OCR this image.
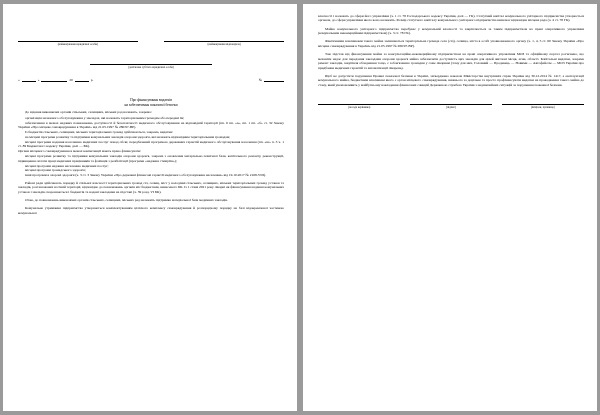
(найменування юридичної особи)	(найменування відповідача)
(далі/назва суб'єкта юридичної особи)
«	»	20	р.	№
Про фінансування видатків
на забезпечення показової безпеки

До відання виконавчих органів сільських, селищних, міських рад належать, зокрема:

організація належного обслуговування у закладах, які належать територіальним громадам або передані їм;

забезпечення в межах наданих повноважень доступності й безоплатності медичного обслуговування на відповідній території (пп. 6 пп. «а», пп. 1 пп. «б» ст. 32 Закону України «Про місцеве самоврядування в Україні» від 21.05.1997 № 280/97-ВР).

Із бюджетів сільських, селищних, міських територіальних громад здійснюються, зокрема, видатки:

на місцеві програми розвитку та підтримки комунальних закладів охорони здоров'я, які належать відповідним територіальним громадам;

місцеві програми надання населенню медичних послуг понад обсяг, передбачений програмою державних гарантій медичного обслуговування населення (пп. «ш» п. 3 ч. 1 ст. 89 Бюджетного кодексу України, далі — БК).

Органи місцевого самоврядування в межах компетенції мають право фінансувати:

місцеві програми розвитку та підтримки комунальних закладів охорони здоров'я, зокрема з оновлення матеріально-технічної бази, капітального ремонту, реконструкції, підвищення оплати праці медичних працівників та фахівців з реабілітації (програми «надання стимулів»);

місцеві програми надання населенню медичних послуг;

місцеві програми громадського здоров'я;

інші програми в охороні здоров'я (ч. 3 ст. 3 Закону України «Про державні фінансові гарантії медичного обслуговування населення» від 19.10.2017 № 2168-VIII).

Районі ради здійснюють порядку й спільної власності територіальних громад сіл, селищ, міст у володінні сільських, селищних, міських територіальних громад установ та закладів, розташованих на їхній території, відповідно до повноважень органів міс бюджетами, винесеного БК. Із 1 січня 2021 року лікарні як фінансування надання комунальних установ і закладів охоронюються і бюджетів та надані закладами на підставі (ч. 39 розд. VI БК).

Отже, до повноважень виконавчих органів сільських, селищних, міських рад належить підтримка матеріальної бази медичних закладів.

Комунальне утримання підприємства утворюються комплектуванням цілісного комплексу самоврядування й розпорядчому порядку на базі відокремленої частиною комунальної

власності і належать до сфери його управління (ч. 1 ст. 78 Господарського кодексу України, далі — ГК). Статутний капітал комунального унітарного підприємства утворюється органом, до сфери управління якого воно належить. Розмір статутного капіталу комунального унітарного підприємства визначає відповідна місцева рада (ч. 4 ст. 78 ГК).

Майно комунального унітарного підприємства перебуває у комунальній власності та закріплюється за таким підприємством на праві оперативного управління (комунальним некомерційним підприємством) (ч. 3 ст. 78 ГК).

Фактичними власниками такого майна залишаються територіальна громада села (сіл), селища, міста в особі уповноваженого органу (ч. 1, 4, 5 ст. 60 Закону України «Про місцеве самоврядування в Україні» від 21.05.1997 № 280/97-ВР).

Тож підстав від фінансування майна за консультаційно-некомерційному підприємством на праві оперативного управління МОЗ та офіційному портал роз'яснено, що механізм надає для передання закладами охорони здоров'я майна забезпечити доступність цих закладів для цілей житлові місця, агни, області. Капітальні видатки, зокрема ремонт закладів, закупівля обладнання тощо, є зобов'язанню громадян у саме лікарням (тому для них, Головний — Продавець — Новими — Автофейсом — МОЗ України про придбання медичних гарантій та автоматизації лікарень).

Щоб не допустити порушення Правил показової безпеки в Україні, затверджено наказом Міністерства внутрішніх справ України від 30.12.2014 № 1417, а експлуатації комунального майна, бюджетним власникам якого є орган місцевого самоврядування, нижнього за доцільне та просто профінансувати видатки на провадження такого майна до стану, який унеможливить у майбутньому накладення фінансових санкцій Державною службою України з надзвичайних ситуацій за порушення пожежної безпеки.

(посада керівника)	(підпис)	(ініціали, прізвище)
